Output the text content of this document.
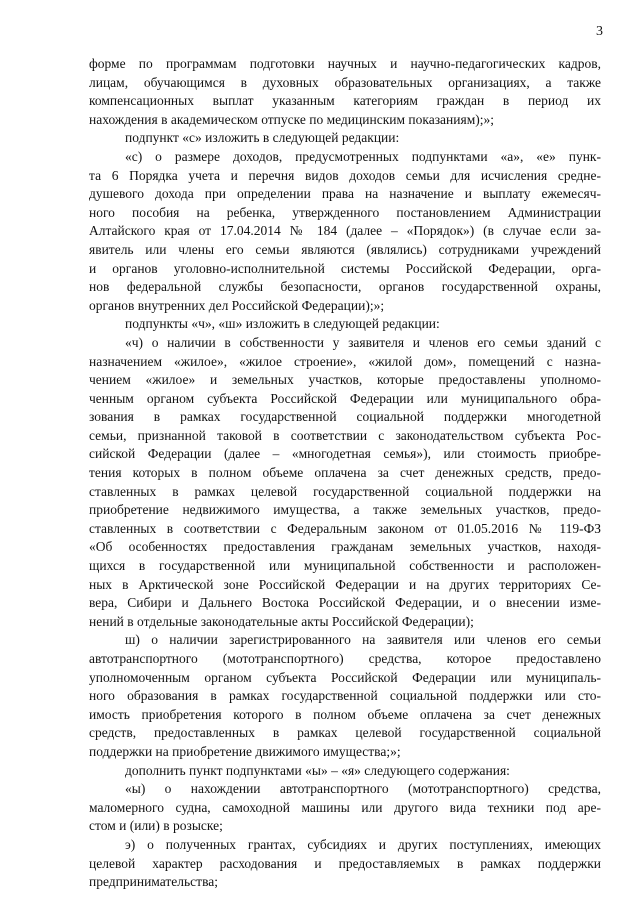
3
форме по программам подготовки научных и научно-педагогических кадров,
лицам, обучающимся в духовных образовательных организациях, а также
компенсационных выплат указанным категориям граждан в период их
нахождения в академическом отпуске по медицинским показаниям);»;
подпункт «с» изложить в следующей редакции:
«с) о размере доходов, предусмотренных подпунктами «а», «е» пунк-
та 6 Порядка учета и перечня видов доходов семьи для исчисления средне-
душевого дохода при определении права на назначение и выплату ежемесяч-
ного пособия на ребенка, утвержденного постановлением Администрации
Алтайского края от 17.04.2014 № 184 (далее – «Порядок») (в случае если за-
явитель или члены его семьи являются (являлись) сотрудниками учреждений
и органов уголовно-исполнительной системы Российской Федерации, орга-
нов федеральной службы безопасности, органов государственной охраны,
органов внутренних дел Российской Федерации);»;
подпункты «ч», «ш» изложить в следующей редакции:
«ч) о наличии в собственности у заявителя и членов его семьи зданий с
назначением «жилое», «жилое строение», «жилой дом», помещений с назна-
чением «жилое» и земельных участков, которые предоставлены уполномо-
ченным органом субъекта Российской Федерации или муниципального обра-
зования в рамках государственной социальной поддержки многодетной
семьи, признанной таковой в соответствии с законодательством субъекта Рос-
сийской Федерации (далее – «многодетная семья»), или стоимость приобре-
тения которых в полном объеме оплачена за счет денежных средств, предо-
ставленных в рамках целевой государственной социальной поддержки на
приобретение недвижимого имущества, а также земельных участков, предо-
ставленных в соответствии с Федеральным законом от 01.05.2016 № 119-ФЗ
«Об особенностях предоставления гражданам земельных участков, находя-
щихся в государственной или муниципальной собственности и расположен-
ных в Арктической зоне Российской Федерации и на других территориях Се-
вера, Сибири и Дальнего Востока Российской Федерации, и о внесении изме-
нений в отдельные законодательные акты Российской Федерации);
ш) о наличии зарегистрированного на заявителя или членов его семьи
автотранспортного (мототранспортного) средства, которое предоставлено
уполномоченным органом субъекта Российской Федерации или муниципаль-
ного образования в рамках государственной социальной поддержки или сто-
имость приобретения которого в полном объеме оплачена за счет денежных
средств, предоставленных в рамках целевой государственной социальной
поддержки на приобретение движимого имущества;»;
дополнить пункт подпунктами «ы» – «я» следующего содержания:
«ы) о нахождении автотранспортного (мототранспортного) средства,
маломерного судна, самоходной машины или другого вида техники под аре-
стом и (или) в розыске;
э) о полученных грантах, субсидиях и других поступлениях, имеющих
целевой характер расходования и предоставляемых в рамках поддержки
предпринимательства;
